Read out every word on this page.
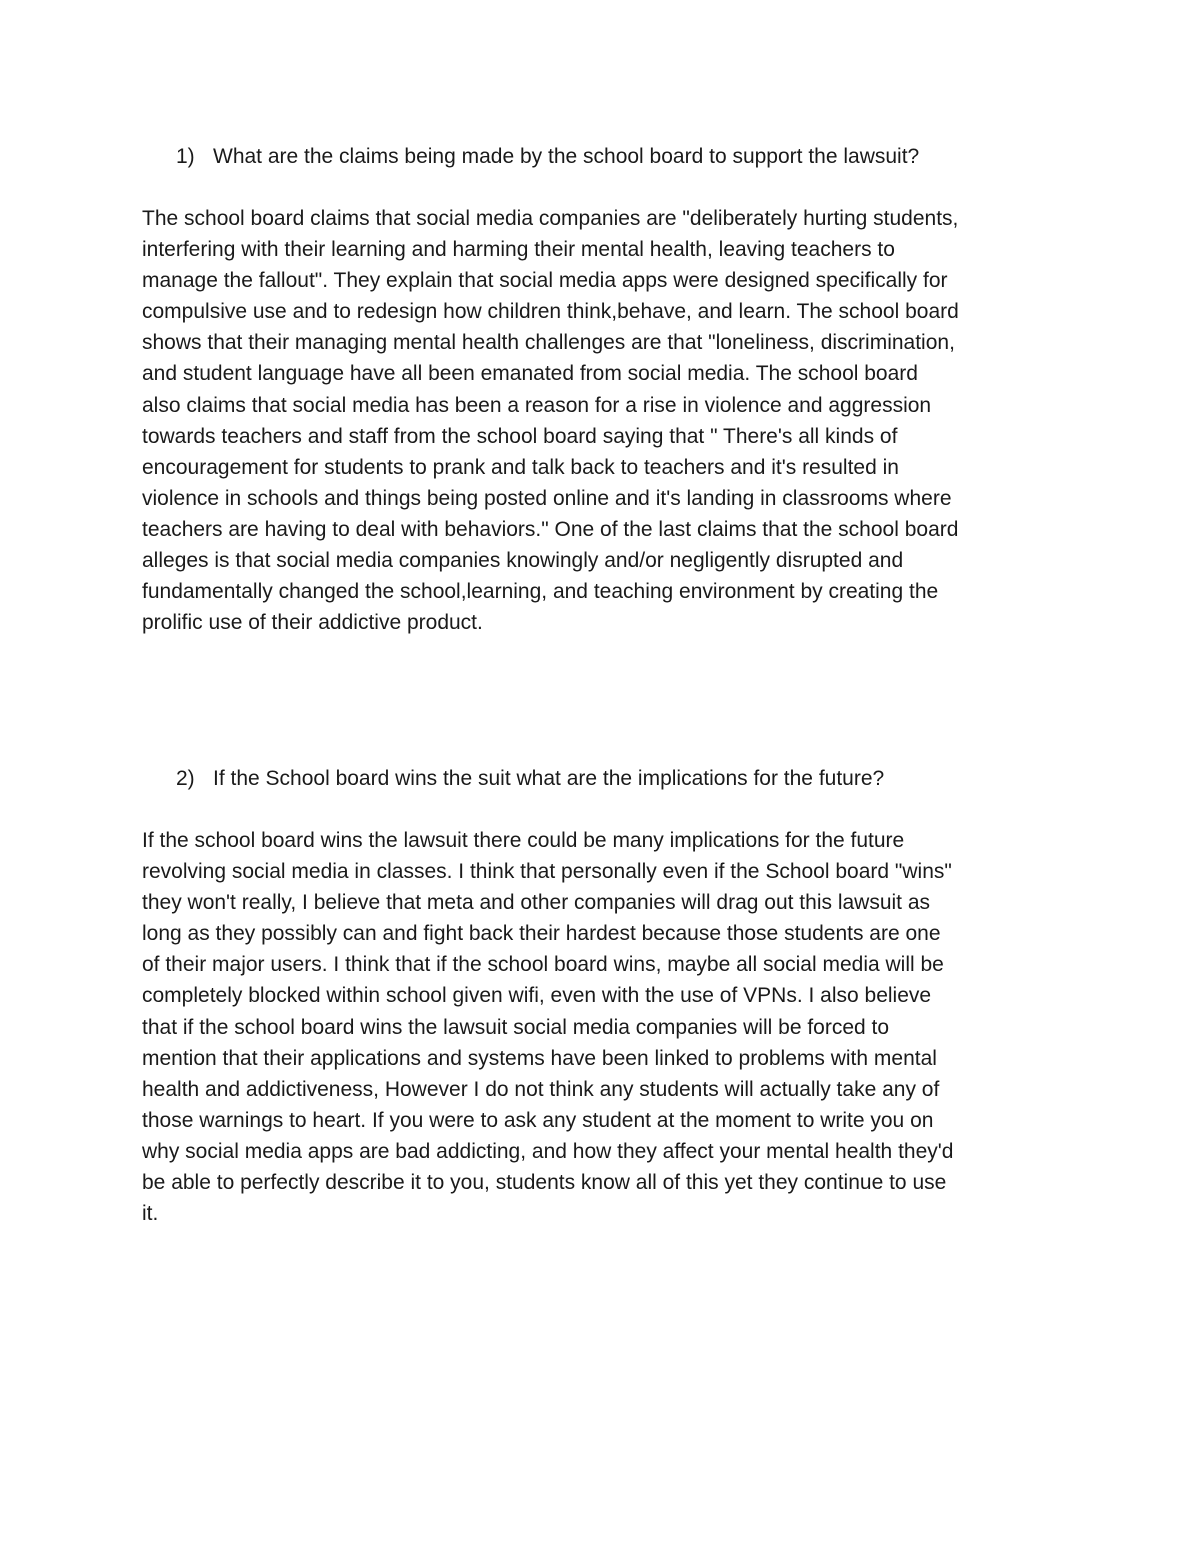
1) What are the claims being made by the school board to support the lawsuit?
The school board claims that social media companies are "deliberately hurting students,
interfering with their learning and harming their mental health, leaving teachers to
manage the fallout". They explain that social media apps were designed specifically for
compulsive use and to redesign how children think,behave, and learn. The school board
shows that their managing mental health challenges are that "loneliness, discrimination,
and student language have all been emanated from social media. The school board
also claims that social media has been a reason for a rise in violence and aggression
towards teachers and staff from the school board saying that " There's all kinds of
encouragement for students to prank and talk back to teachers and it's resulted in
violence in schools and things being posted online and it's landing in classrooms where
teachers are having to deal with behaviors." One of the last claims that the school board
alleges is that social media companies knowingly and/or negligently disrupted and
fundamentally changed the school,learning, and teaching environment by creating the
prolific use of their addictive product.
2) If the School board wins the suit what are the implications for the future?
If the school board wins the lawsuit there could be many implications for the future
revolving social media in classes. I think that personally even if the School board "wins"
they won't really, I believe that meta and other companies will drag out this lawsuit as
long as they possibly can and fight back their hardest because those students are one
of their major users. I think that if the school board wins, maybe all social media will be
completely blocked within school given wifi, even with the use of VPNs. I also believe
that if the school board wins the lawsuit social media companies will be forced to
mention that their applications and systems have been linked to problems with mental
health and addictiveness, However I do not think any students will actually take any of
those warnings to heart. If you were to ask any student at the moment to write you on
why social media apps are bad addicting, and how they affect your mental health they'd
be able to perfectly describe it to you, students know all of this yet they continue to use
it.
